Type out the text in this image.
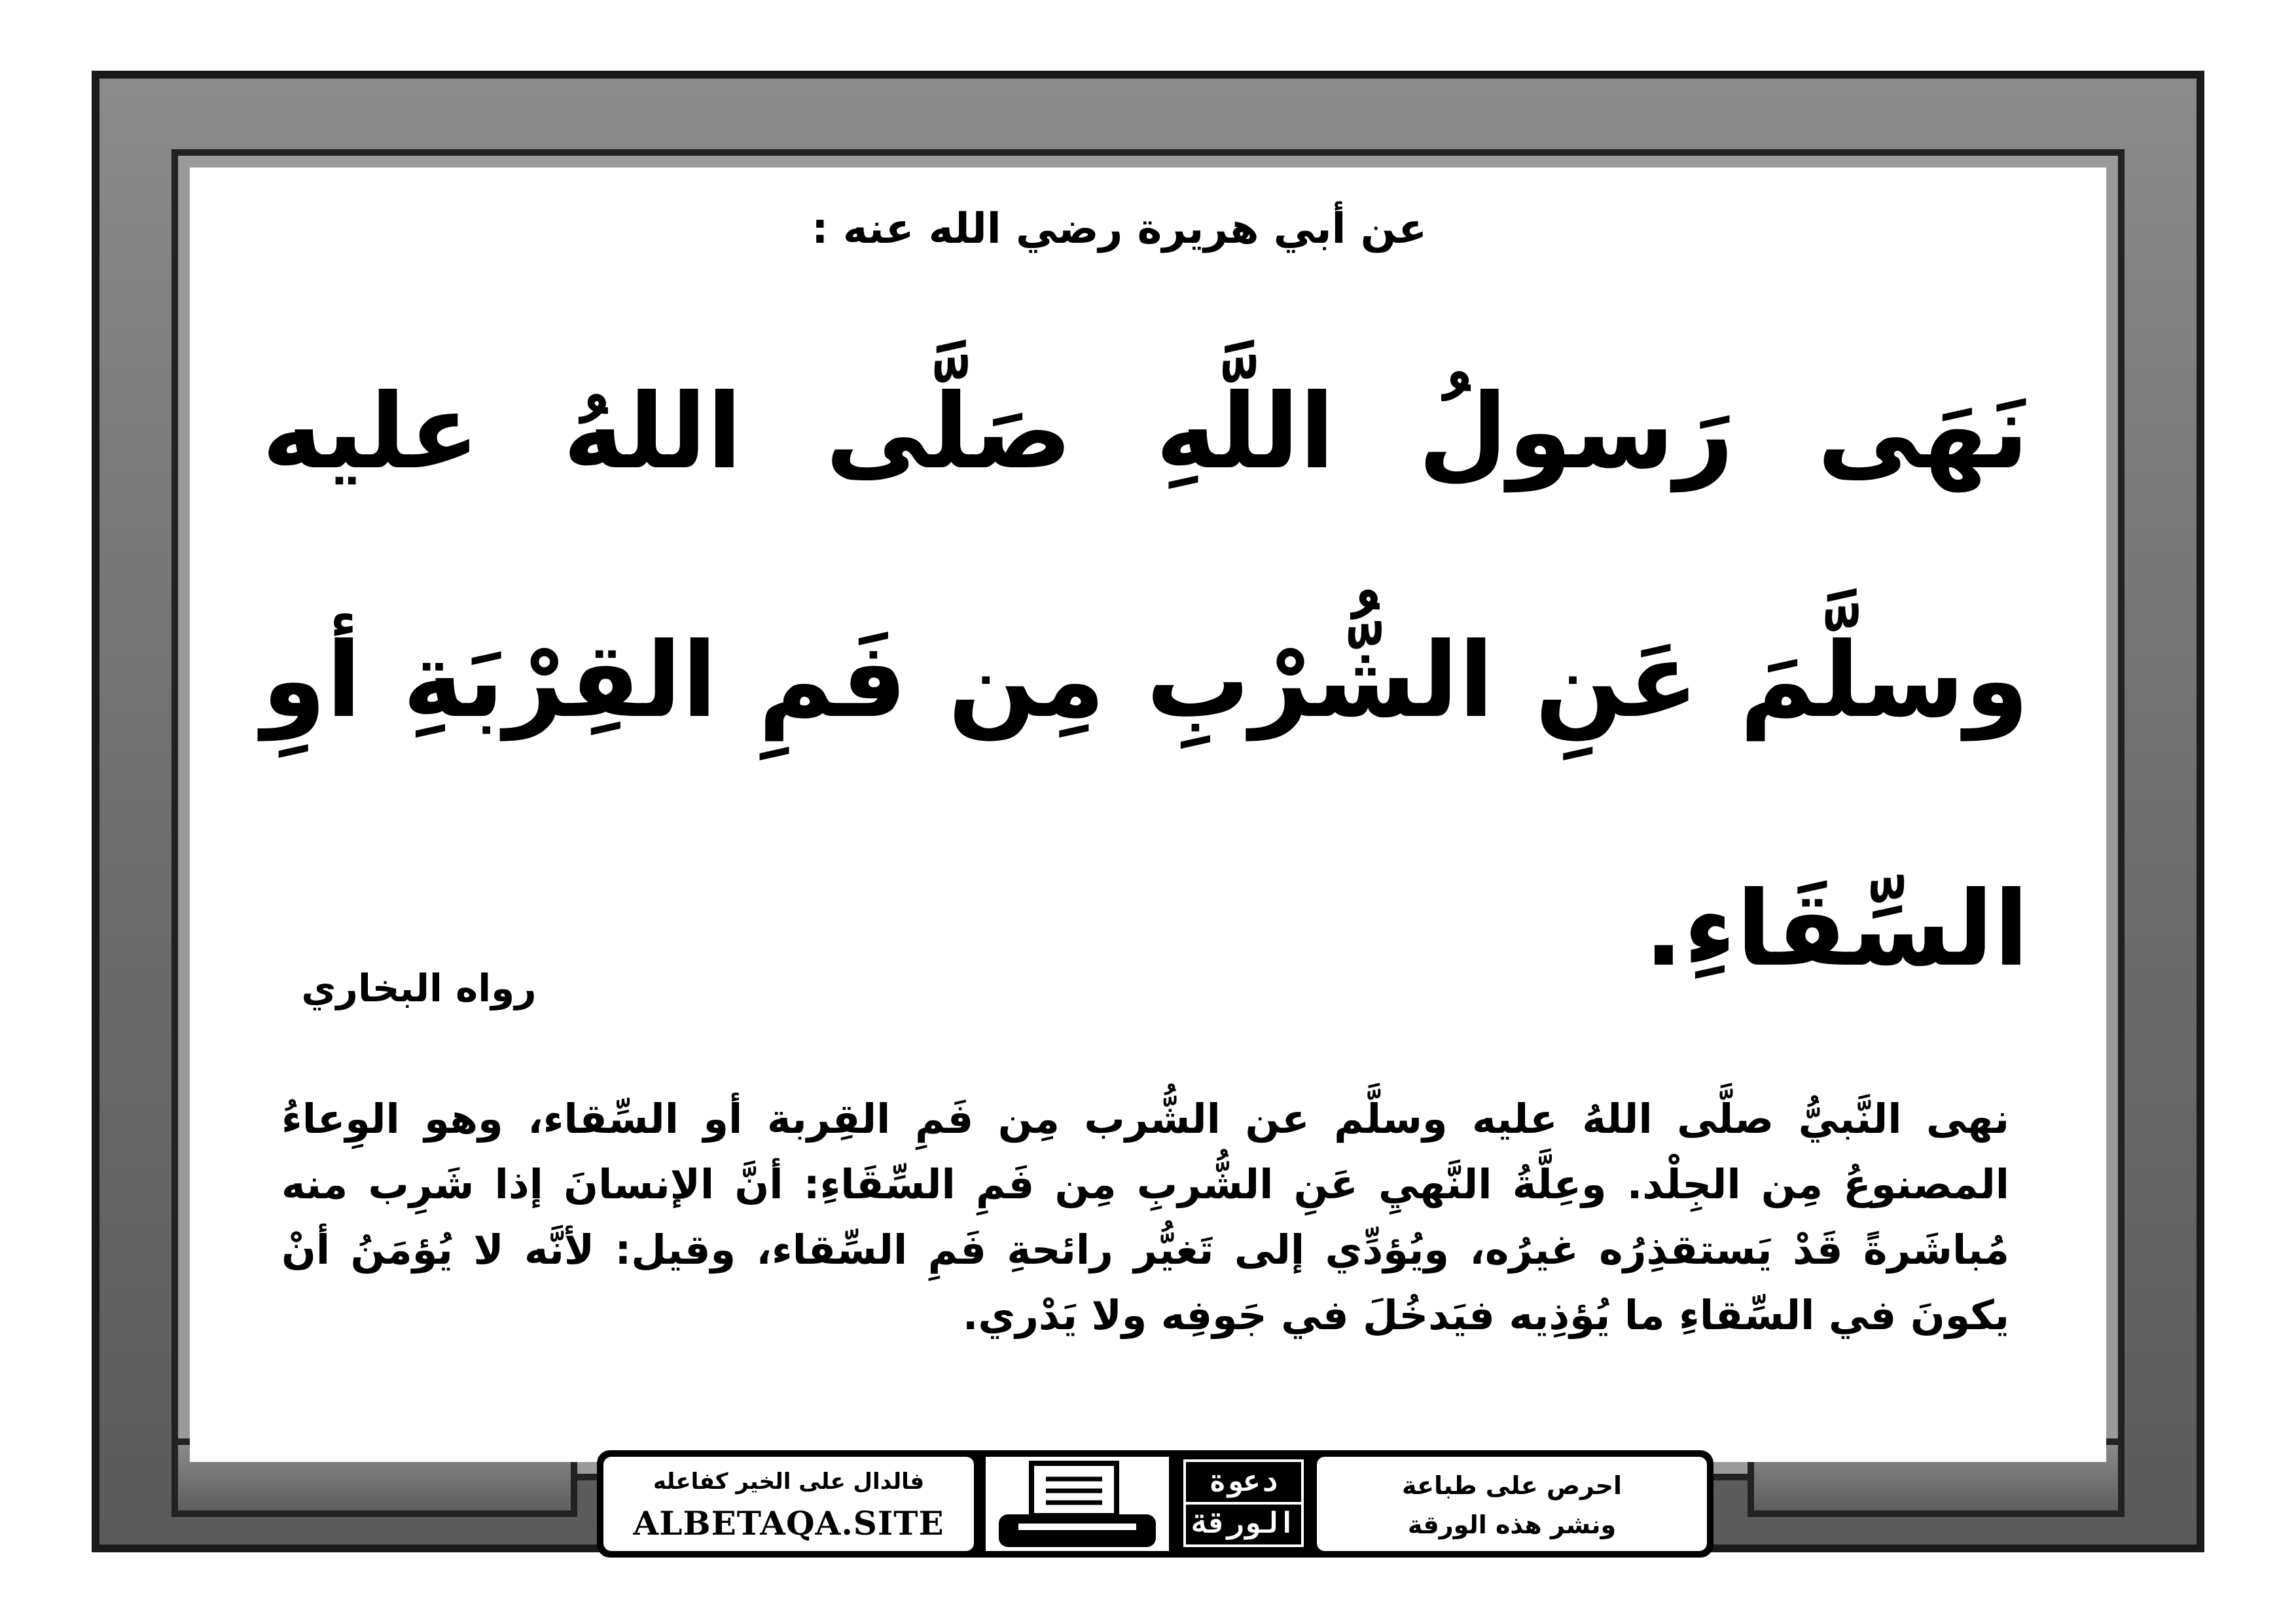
عن أبي هريرة رضي الله عنه :
نَهَى رَسولُ اللَّهِ صَلَّى اللهُ عليه وسلَّمَ عَنِ الشُّرْبِ مِن فَمِ القِرْبَةِ أوِ السِّقَاءِ.
رواه البخاري
نهى النَّبيُّ صلَّى اللهُ عليه وسلَّم عن الشُّرب مِن فَمِ القِربة أو السِّقاء، وهو الوِعاءُ المصنوعُ مِن الجِلْد. وعِلَّةُ النَّهيِ عَنِ الشُّربِ مِن فَمِ السِّقَاءِ: أنَّ الإنسانَ إذا شَرِب منه مُباشَرةً قَدْ يَستقذِرُه غيرُه، ويُؤدِّي إلى تَغيُّر رائحةِ فَمِ السِّقاء، وقيل: لأنَّه لا يُؤمَنُ أنْ يكونَ في السِّقاءِ ما يُؤذِيه فيَدخُلَ في جَوفِه ولا يَدْري.
فالدال على الخير كفاعله
ALBETAQA.SITE
دعوة الورقة
احرص على طباعة
ونشر هذه الورقة
